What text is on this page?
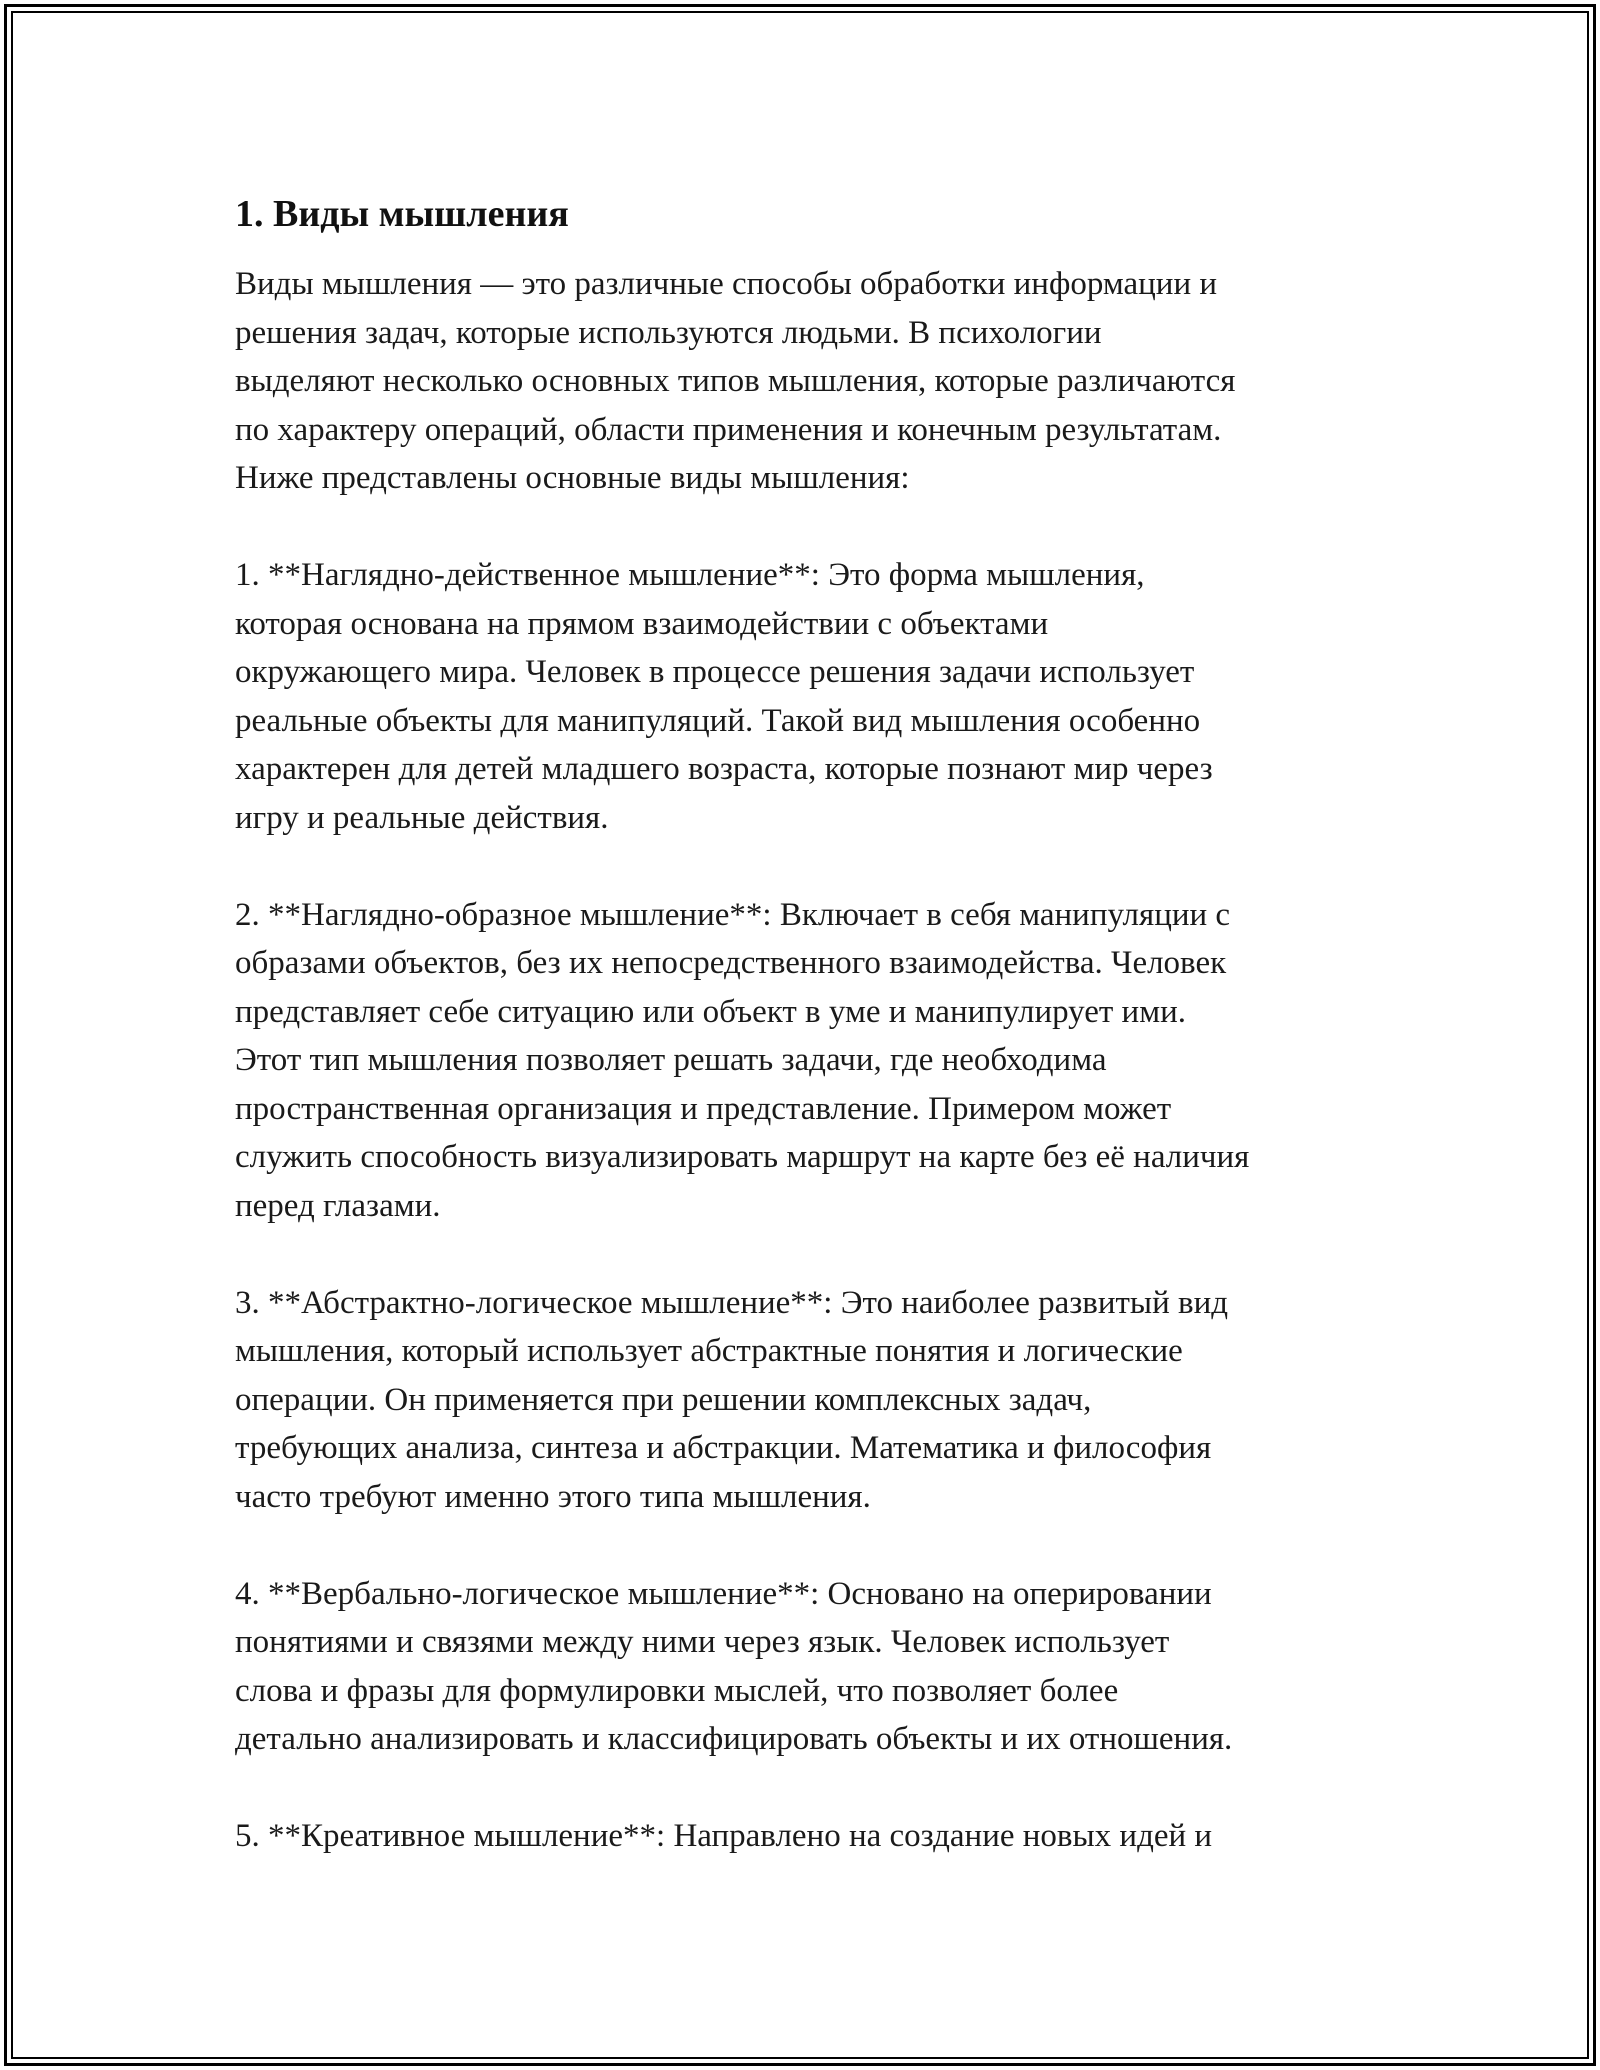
1. Виды мышления

Виды мышления — это различные способы обработки информации и
решения задач, которые используются людьми. В психологии
выделяют несколько основных типов мышления, которые различаются
по характеру операций, области применения и конечным результатам.
Ниже представлены основные виды мышления:

1. **Наглядно-действенное мышление**: Это форма мышления,
которая основана на прямом взаимодействии с объектами
окружающего мира. Человек в процессе решения задачи использует
реальные объекты для манипуляций. Такой вид мышления особенно
характерен для детей младшего возраста, которые познают мир через
игру и реальные действия.

2. **Наглядно-образное мышление**: Включает в себя манипуляции с
образами объектов, без их непосредственного взаимодейства. Человек
представляет себе ситуацию или объект в уме и манипулирует ими.
Этот тип мышления позволяет решать задачи, где необходима
пространственная организация и представление. Примером может
служить способность визуализировать маршрут на карте без её наличия
перед глазами.

3. **Абстрактно-логическое мышление**: Это наиболее развитый вид
мышления, который использует абстрактные понятия и логические
операции. Он применяется при решении комплексных задач,
требующих анализа, синтеза и абстракции. Математика и философия
часто требуют именно этого типа мышления.

4. **Вербально-логическое мышление**: Основано на оперировании
понятиями и связями между ними через язык. Человек использует
слова и фразы для формулировки мыслей, что позволяет более
детально анализировать и классифицировать объекты и их отношения.

5. **Креативное мышление**: Направлено на создание новых идей и
